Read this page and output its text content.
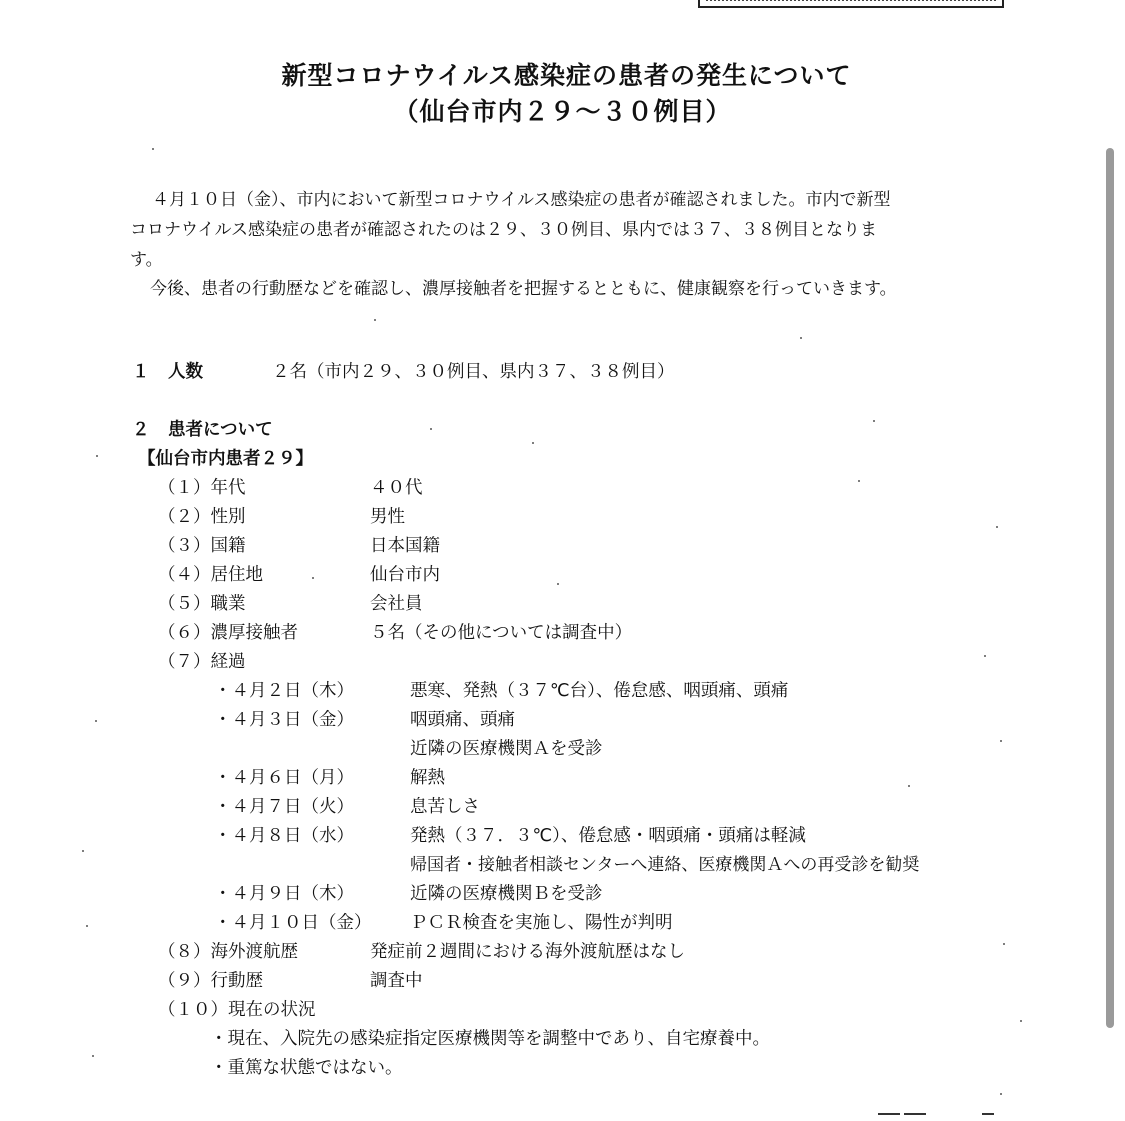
新型コロナウイルス感染症の患者の発生について
（仙台市内２９～３０例目）
４月１０日（金）、市内において新型コロナウイルス感染症の患者が確認されました。市内で新型
コロナウイルス感染症の患者が確認されたのは２９、３０例目、県内では３７、３８例目となりま
す。
今後、患者の行動歴などを確認し、濃厚接触者を把握するとともに、健康観察を行っていきます。
１ 人数	２名（市内２９、３０例目、県内３７、３８例目）
２ 患者について
【仙台市内患者２９】
（１）年代	４０代
（２）性別	男性
（３）国籍	日本国籍
（４）居住地	仙台市内
（５）職業	会社員
（６）濃厚接触者	５名（その他については調査中）
（７）経過
・４月２日（木）	悪寒、発熱（３７℃台）、倦怠感、咽頭痛、頭痛
・４月３日（金）	咽頭痛、頭痛
近隣の医療機関Ａを受診
・４月６日（月）	解熱
・４月７日（火）	息苦しさ
・４月８日（水）	発熱（３７．３℃）、倦怠感・咽頭痛・頭痛は軽減
帰国者・接触者相談センターへ連絡、医療機関Ａへの再受診を勧奨
・４月９日（木）	近隣の医療機関Ｂを受診
・４月１０日（金） ＰＣＲ検査を実施し、陽性が判明
（８）海外渡航歴	発症前２週間における海外渡航歴はなし
（９）行動歴	調査中
（１０）現在の状況
・現在、入院先の感染症指定医療機関等を調整中であり、自宅療養中。
・重篤な状態ではない。
